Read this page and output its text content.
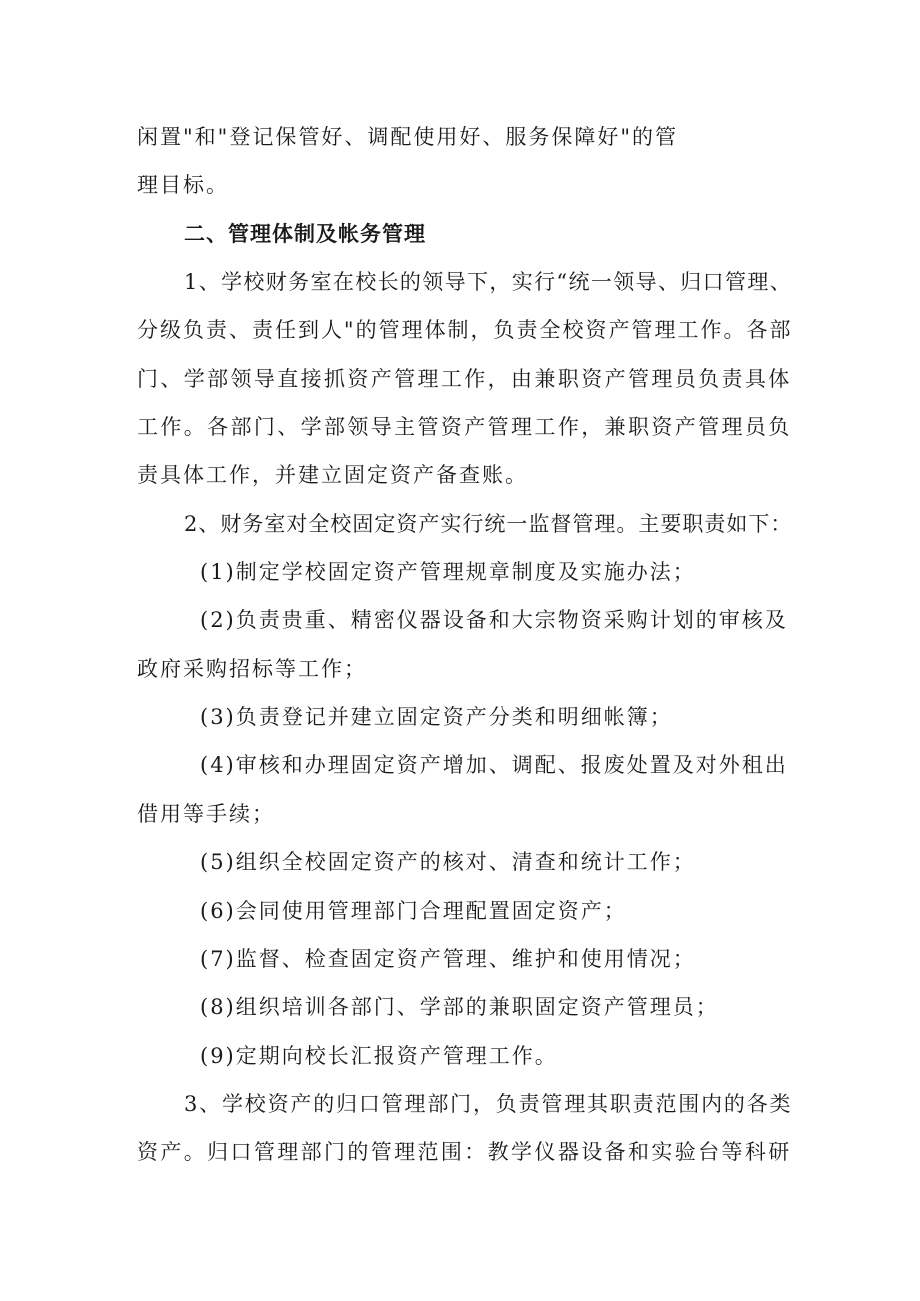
闲置"和"登记保管好、调配使用好、服务保障好"的管
理目标。
二、管理体制及帐务管理
1、学校财务室在校长的领导下，实行“统一领导、归口管理、
分级负责、责任到人"的管理体制，负责全校资产管理工作。各部
门、学部领导直接抓资产管理工作，由兼职资产管理员负责具体
工作。各部门、学部领导主管资产管理工作，兼职资产管理员负
责具体工作，并建立固定资产备查账。
2、财务室对全校固定资产实行统一监督管理。主要职责如下：
(1)制定学校固定资产管理规章制度及实施办法；
(2)负责贵重、精密仪器设备和大宗物资采购计划的审核及
政府采购招标等工作；
(3)负责登记并建立固定资产分类和明细帐簿；
(4)审核和办理固定资产增加、调配、报废处置及对外租出
借用等手续；
(5)组织全校固定资产的核对、清查和统计工作；
(6)会同使用管理部门合理配置固定资产；
(7)监督、检查固定资产管理、维护和使用情况；
(8)组织培训各部门、学部的兼职固定资产管理员；
(9)定期向校长汇报资产管理工作。
3、学校资产的归口管理部门，负责管理其职责范围内的各类
资产。归口管理部门的管理范围：教学仪器设备和实验台等科研
